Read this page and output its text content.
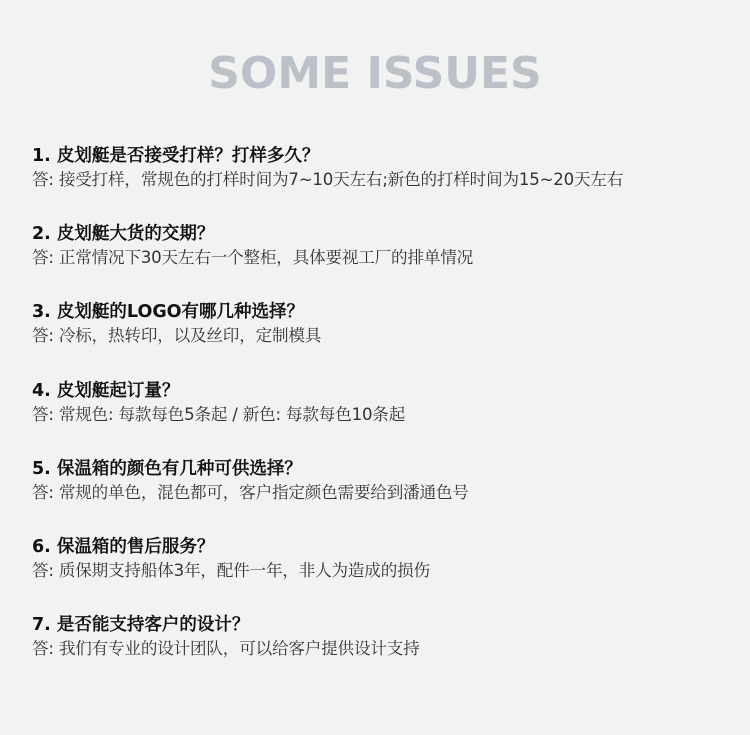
SOME ISSUES
1. 皮划艇是否接受打样？打样多久？
答: 接受打样，常规色的打样时间为7~10天左右;新色的打样时间为15~20天左右
2. 皮划艇大货的交期？
答: 正常情况下30天左右一个整柜，具体要视工厂的排单情况
3. 皮划艇的LOGO有哪几种选择？
答: 冷标，热转印，以及丝印，定制模具
4. 皮划艇起订量？
答: 常规色: 每款每色5条起 / 新色: 每款每色10条起
5. 保温箱的颜色有几种可供选择？
答: 常规的单色，混色都可，客户指定颜色需要给到潘通色号
6. 保温箱的售后服务？
答: 质保期支持船体3年，配件一年，非人为造成的损伤
7. 是否能支持客户的设计？
答: 我们有专业的设计团队，可以给客户提供设计支持
